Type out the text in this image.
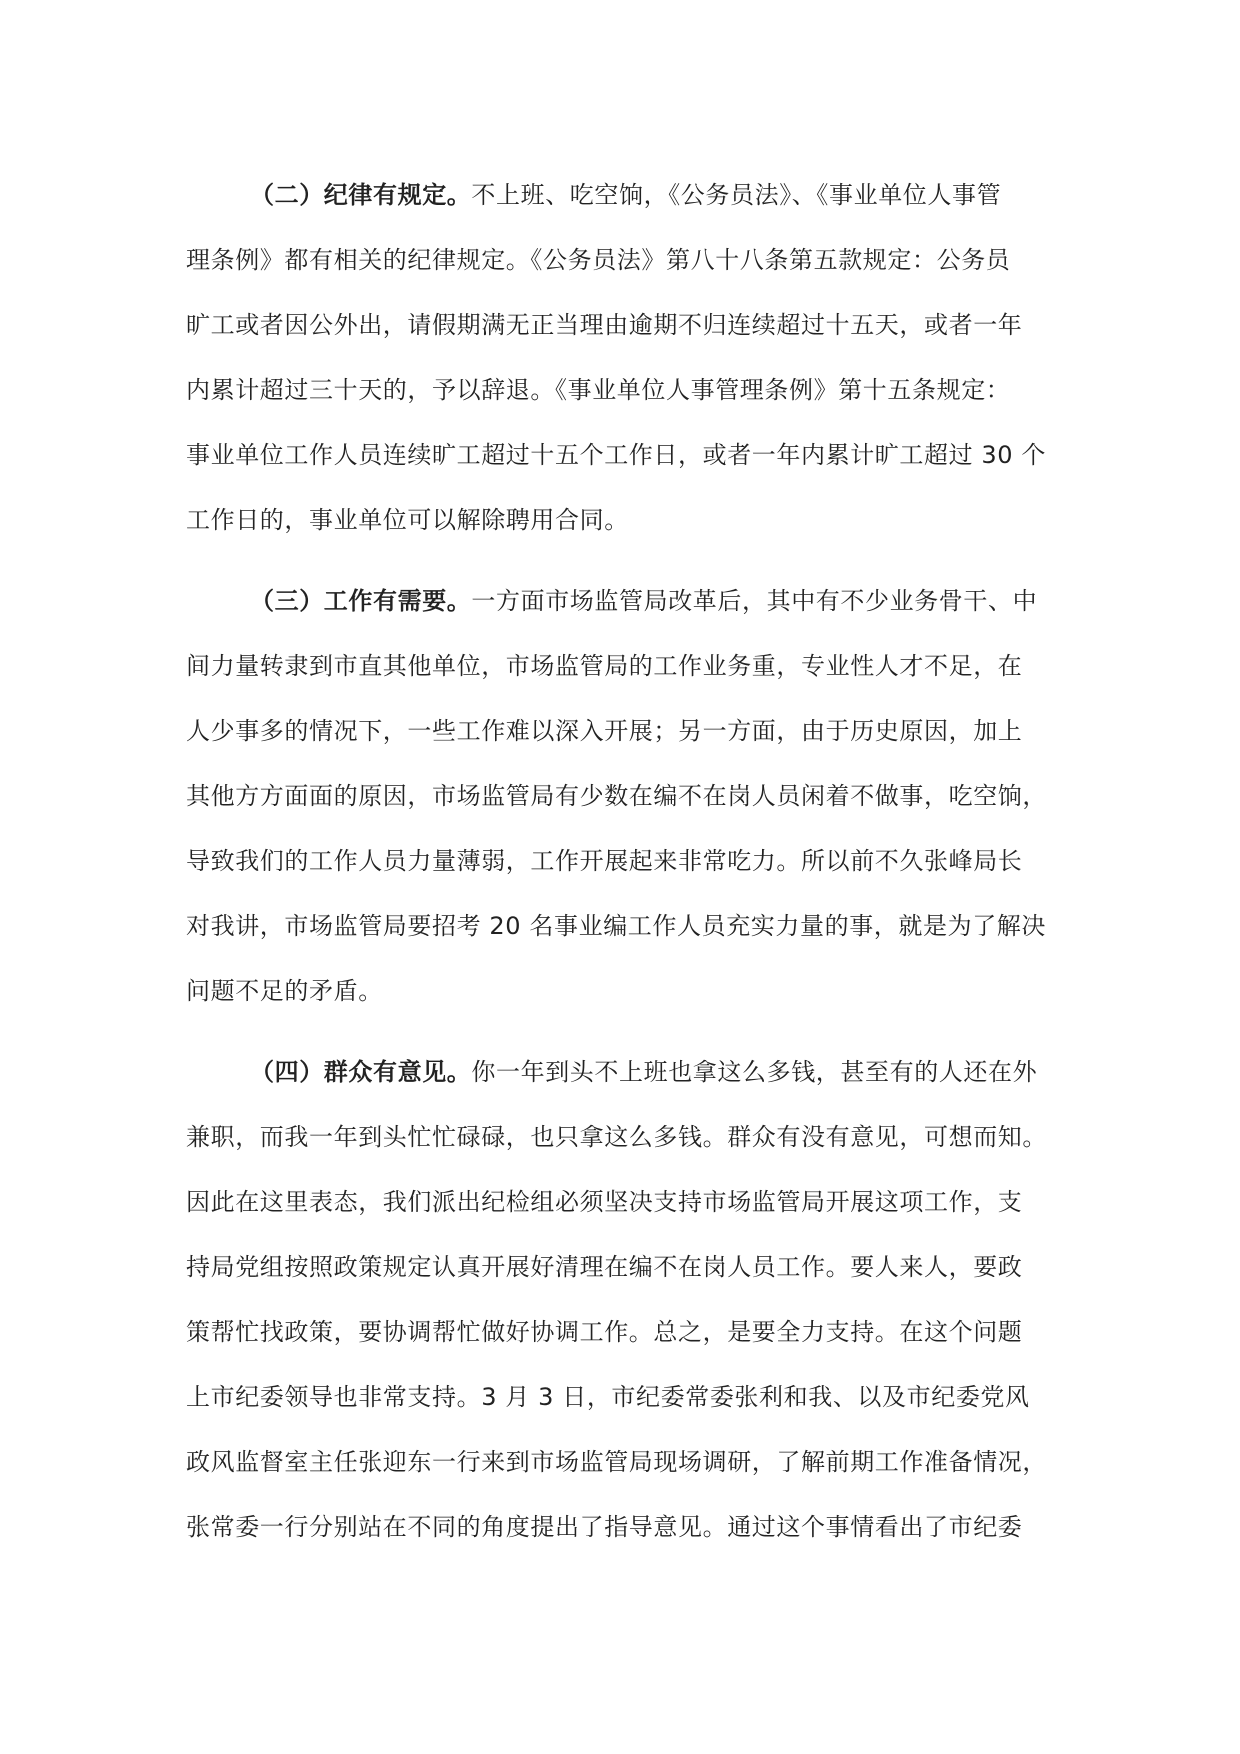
（二）纪律有规定。不上班、吃空饷，《公务员法》、《事业单位人事管
理条例》都有相关的纪律规定。《公务员法》第八十八条第五款规定：公务员
旷工或者因公外出，请假期满无正当理由逾期不归连续超过十五天，或者一年
内累计超过三十天的，予以辞退。《事业单位人事管理条例》第十五条规定：
事业单位工作人员连续旷工超过十五个工作日，或者一年内累计旷工超过 30 个
工作日的，事业单位可以解除聘用合同。
（三）工作有需要。一方面市场监管局改革后，其中有不少业务骨干、中
间力量转隶到市直其他单位，市场监管局的工作业务重，专业性人才不足，在
人少事多的情况下，一些工作难以深入开展；另一方面，由于历史原因，加上
其他方方面面的原因，市场监管局有少数在编不在岗人员闲着不做事，吃空饷，
导致我们的工作人员力量薄弱，工作开展起来非常吃力。所以前不久张峰局长
对我讲，市场监管局要招考 20 名事业编工作人员充实力量的事，就是为了解决
问题不足的矛盾。
（四）群众有意见。你一年到头不上班也拿这么多钱，甚至有的人还在外
兼职，而我一年到头忙忙碌碌，也只拿这么多钱。群众有没有意见，可想而知。
因此在这里表态，我们派出纪检组必须坚决支持市场监管局开展这项工作，支
持局党组按照政策规定认真开展好清理在编不在岗人员工作。要人来人，要政
策帮忙找政策，要协调帮忙做好协调工作。总之，是要全力支持。在这个问题
上市纪委领导也非常支持。3 月 3 日，市纪委常委张利和我、以及市纪委党风
政风监督室主任张迎东一行来到市场监管局现场调研，了解前期工作准备情况，
张常委一行分别站在不同的角度提出了指导意见。通过这个事情看出了市纪委
